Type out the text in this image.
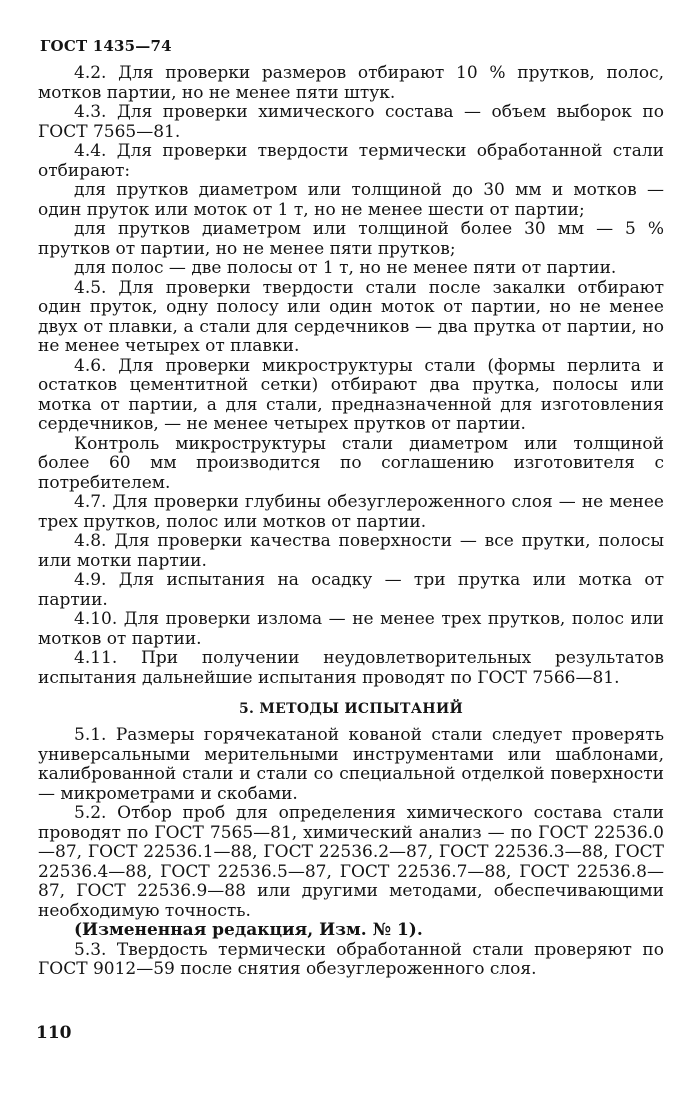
ГОСТ 1435—74

4.2. Для проверки размеров отбирают 10 % прутков, полос, мотков партии, но не менее пяти штук.

4.3. Для проверки химического состава — объем выборок по ГОСТ 7565—81.

4.4. Для проверки твердости термически обработанной стали отбирают:

для прутков диаметром или толщиной до 30 мм и мотков — один пруток или моток от 1 т, но не менее шести от партии;

для прутков диаметром или толщиной более 30 мм — 5 % прутков от партии, но не менее пяти прутков;

для полос — две полосы от 1 т, но не менее пяти от партии.

4.5. Для проверки твердости стали после закалки отбирают один пруток, одну полосу или один моток от партии, но не менее двух от плавки, а стали для сердечников — два прутка от партии, но не менее четырех от плавки.

4.6. Для проверки микроструктуры стали (формы перлита и остатков цементитной сетки) отбирают два прутка, полосы или мотка от партии, а для стали, предназначенной для изготовления сердечников, — не менее четырех прутков от партии.

Контроль микроструктуры стали диаметром или толщиной более 60 мм производится по соглашению изготовителя с потребителем.

4.7. Для проверки глубины обезуглероженного слоя — не менее трех прутков, полос или мотков от партии.

4.8. Для проверки качества поверхности — все прутки, полосы или мотки партии.

4.9. Для испытания на осадку — три прутка или мотка от партии.

4.10. Для проверки излома — не менее трех прутков, полос или мотков от партии.

4.11. При получении неудовлетворительных результатов испытания дальнейшие испытания проводят по ГОСТ 7566—81.

5. МЕТОДЫ ИСПЫТАНИЙ

5.1. Размеры горячекатаной кованой стали следует проверять универсальными мерительными инструментами или шаблонами, калиброванной стали и стали со специальной отделкой поверхности — микрометрами и скобами.

5.2. Отбор проб для определения химического состава стали проводят по ГОСТ 7565—81, химический анализ — по ГОСТ 22536.0—87, ГОСТ 22536.1—88, ГОСТ 22536.2—87, ГОСТ 22536.3—88, ГОСТ 22536.4—88, ГОСТ 22536.5—87, ГОСТ 22536.7—88, ГОСТ 22536.8—87, ГОСТ 22536.9—88 или другими методами, обеспечивающими необходимую точность.

(Измененная редакция, Изм. № 1).

5.3. Твердость термически обработанной стали проверяют по ГОСТ 9012—59 после снятия обезуглероженного слоя.

110
